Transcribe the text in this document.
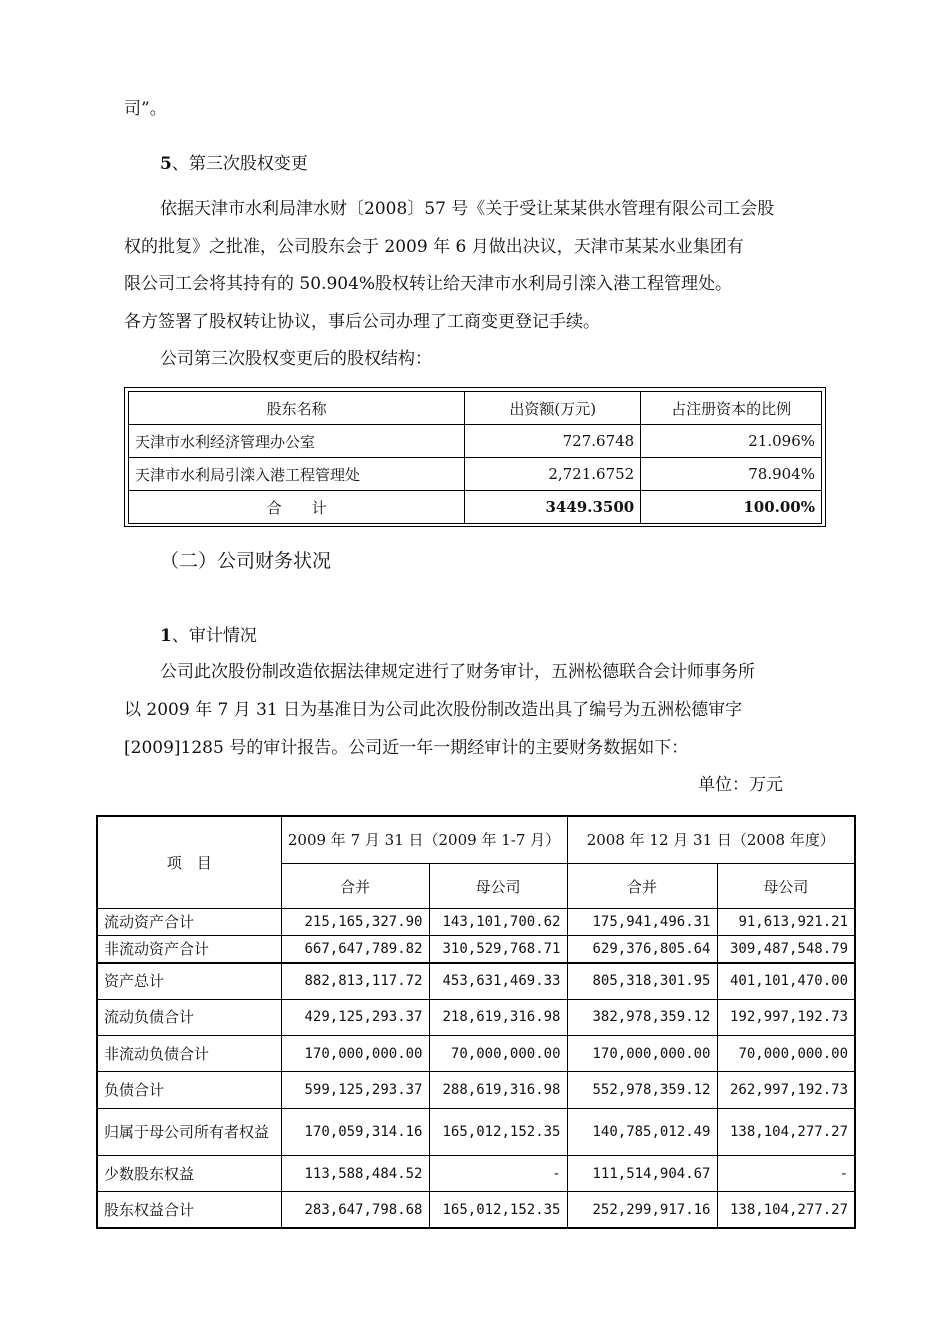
司”。
5、第三次股权变更
依据天津市水利局津水财〔2008〕57 号《关于受让某某供水管理有限公司工会股
权的批复》之批准，公司股东会于 2009 年 6 月做出决议，天津市某某水业集团有
限公司工会将其持有的 50.904%股权转让给天津市水利局引滦入港工程管理处。
各方签署了股权转让协议，事后公司办理了工商变更登记手续。
公司第三次股权变更后的股权结构：
股东名称	出资额(万元)	占注册资本的比例
天津市水利经济管理办公室	727.6748	21.096%
天津市水利局引滦入港工程管理处	2,721.6752	78.904%
合　　计	3449.3500	100.00%
（二）公司财务状况
1、审计情况
公司此次股份制改造依据法律规定进行了财务审计，五洲松德联合会计师事务所
以 2009 年 7 月 31 日为基准日为公司此次股份制改造出具了编号为五洲松德审字
[2009]1285 号的审计报告。公司近一年一期经审计的主要财务数据如下：
单位：万元
项　目	2009 年 7 月 31 日（2009 年 1-7 月）		2008 年 12 月 31 日（2008 年度）	
	合并	母公司	合并	母公司
流动资产合计	215,165,327.90	143,101,700.62	175,941,496.31	91,613,921.21
非流动资产合计	667,647,789.82	310,529,768.71	629,376,805.64	309,487,548.79
资产总计	882,813,117.72	453,631,469.33	805,318,301.95	401,101,470.00
流动负债合计	429,125,293.37	218,619,316.98	382,978,359.12	192,997,192.73
非流动负债合计	170,000,000.00	70,000,000.00	170,000,000.00	70,000,000.00
负债合计	599,125,293.37	288,619,316.98	552,978,359.12	262,997,192.73
归属于母公司所有者权益	170,059,314.16	165,012,152.35	140,785,012.49	138,104,277.27
少数股东权益	113,588,484.52	-	111,514,904.67	-
股东权益合计	283,647,798.68	165,012,152.35	252,299,917.16	138,104,277.27
